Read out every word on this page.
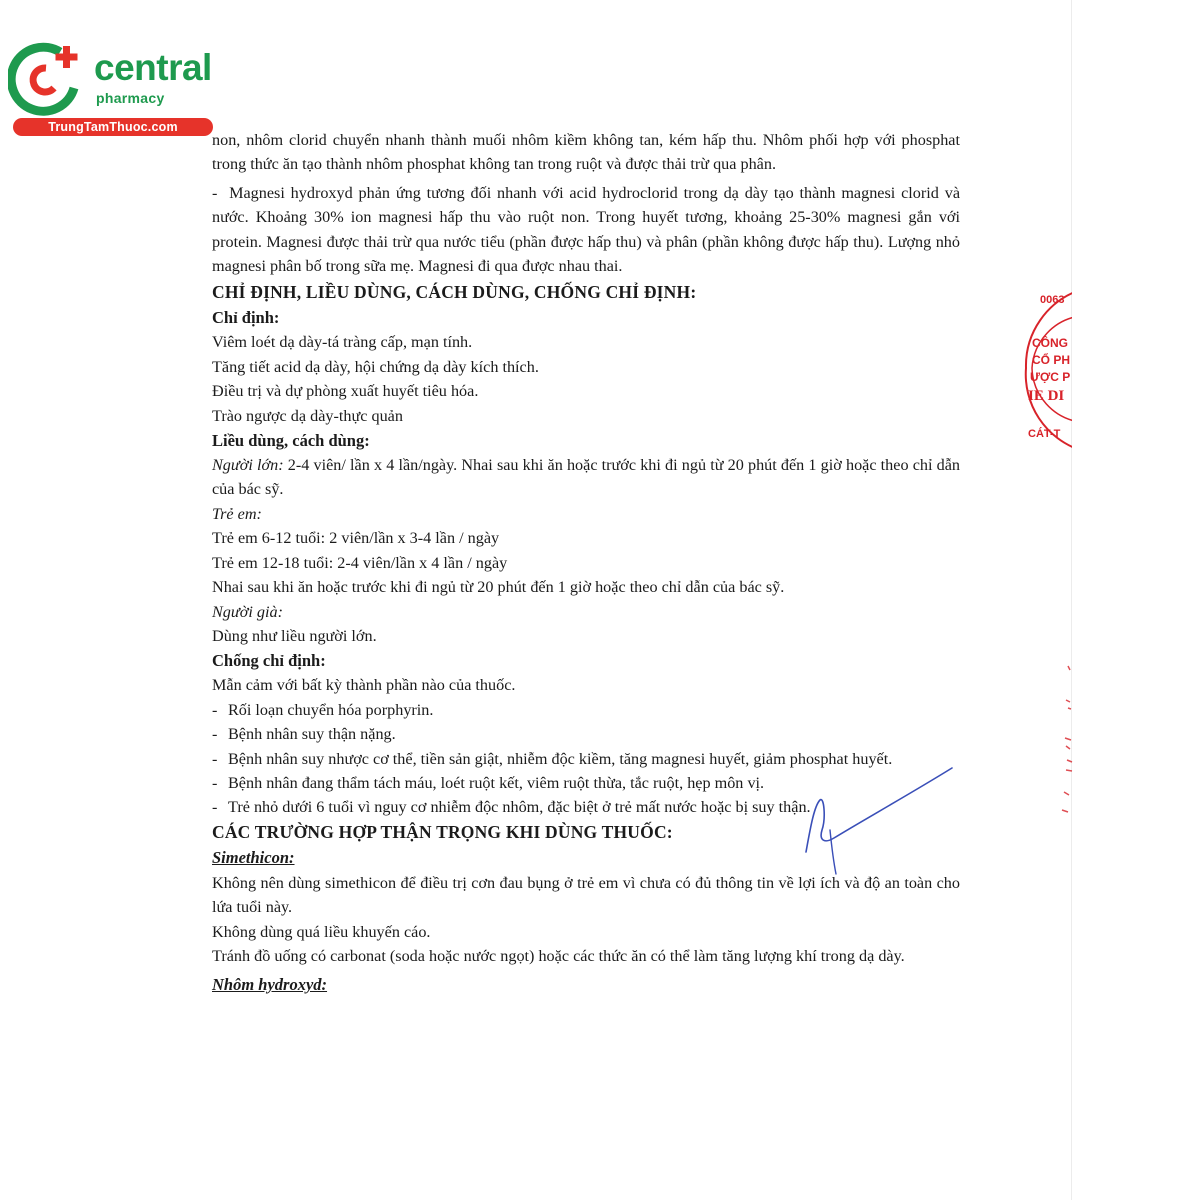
central
pharmacy
TrungTamThuoc.com

non, nhôm clorid chuyển nhanh thành muối nhôm kiềm không tan, kém hấp thu. Nhôm phối hợp với phosphat trong thức ăn tạo thành nhôm phosphat không tan trong ruột và được thải trừ qua phân.

- Magnesi hydroxyd phản ứng tương đối nhanh với acid hydroclorid trong dạ dày tạo thành magnesi clorid và nước. Khoảng 30% ion magnesi hấp thu vào ruột non. Trong huyết tương, khoảng 25-30% magnesi gắn với protein. Magnesi được thải trừ qua nước tiểu (phần được hấp thu) và phân (phần không được hấp thu). Lượng nhỏ magnesi phân bố trong sữa mẹ. Magnesi đi qua được nhau thai.

CHỈ ĐỊNH, LIỀU DÙNG, CÁCH DÙNG, CHỐNG CHỈ ĐỊNH:

Chỉ định:

Viêm loét dạ dày-tá tràng cấp, mạn tính.

Tăng tiết acid dạ dày, hội chứng dạ dày kích thích.

Điều trị và dự phòng xuất huyết tiêu hóa.

Trào ngược dạ dày-thực quản

Liều dùng, cách dùng:

Người lớn: 2-4 viên/ lần x 4 lần/ngày. Nhai sau khi ăn hoặc trước khi đi ngủ từ 20 phút đến 1 giờ hoặc theo chỉ dẫn của bác sỹ.

Trẻ em:

Trẻ em 6-12 tuổi: 2 viên/lần x 3-4 lần / ngày

Trẻ em 12-18 tuổi: 2-4 viên/lần x 4 lần / ngày

Nhai sau khi ăn hoặc trước khi đi ngủ từ 20 phút đến 1 giờ hoặc theo chỉ dẫn của bác sỹ.

Người già:

Dùng như liều người lớn.

Chống chỉ định:

Mẫn cảm với bất kỳ thành phần nào của thuốc.

- Rối loạn chuyển hóa porphyrin.

- Bệnh nhân suy thận nặng.

- Bệnh nhân suy nhược cơ thể, tiền sản giật, nhiễm độc kiềm, tăng magnesi huyết, giảm phosphat huyết.

- Bệnh nhân đang thẩm tách máu, loét ruột kết, viêm ruột thừa, tắc ruột, hẹp môn vị.

- Trẻ nhỏ dưới 6 tuổi vì nguy cơ nhiễm độc nhôm, đặc biệt ở trẻ mất nước hoặc bị suy thận.

CÁC TRƯỜNG HỢP THẬN TRỌNG KHI DÙNG THUỐC:

Simethicon:

Không nên dùng simethicon để điều trị cơn đau bụng ở trẻ em vì chưa có đủ thông tin về lợi ích và độ an toàn cho lứa tuổi này.

Không dùng quá liều khuyến cáo.

Tránh đồ uống có carbonat (soda hoặc nước ngọt) hoặc các thức ăn có thể làm tăng lượng khí trong dạ dày.

Nhôm hydroxyd:

0063
CÔNG
CỔ PH
ƯỢC P
IE DI
CÁT-T
